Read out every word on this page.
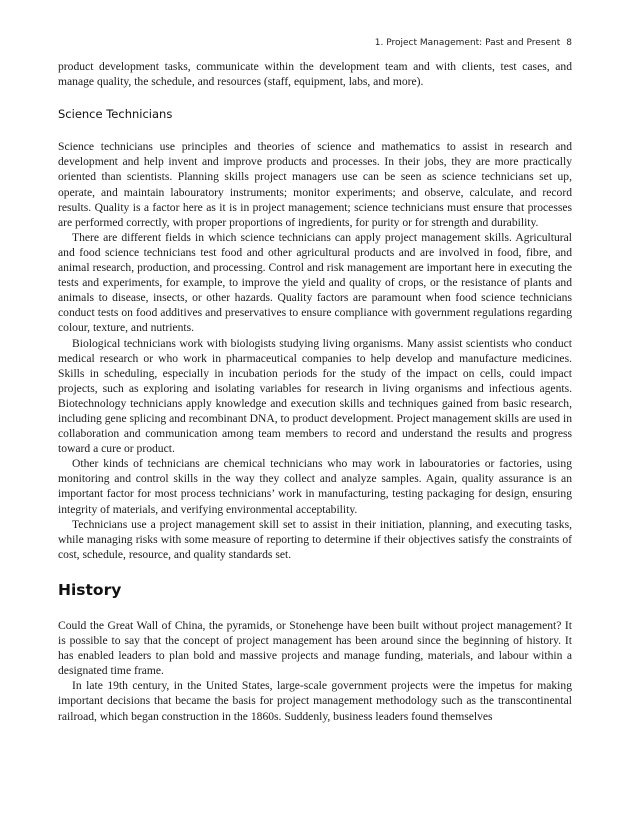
1. Project Management: Past and Present 8

product development tasks, communicate within the development team and with clients, test cases, and manage quality, the schedule, and resources (staff, equipment, labs, and more).

Science Technicians

Science technicians use principles and theories of science and mathematics to assist in research and development and help invent and improve products and processes. In their jobs, they are more practically oriented than scientists. Planning skills project managers use can be seen as science technicians set up, operate, and maintain labouratory instruments; monitor experiments; and observe, calculate, and record results. Quality is a factor here as it is in project management; science technicians must ensure that processes are performed correctly, with proper proportions of ingredients, for purity or for strength and durability.

There are different fields in which science technicians can apply project management skills. Agricultural and food science technicians test food and other agricultural products and are involved in food, fibre, and animal research, production, and processing. Control and risk management are important here in executing the tests and experiments, for example, to improve the yield and quality of crops, or the resistance of plants and animals to disease, insects, or other hazards. Quality factors are paramount when food science technicians conduct tests on food additives and preservatives to ensure compliance with government regulations regarding colour, texture, and nutrients.

Biological technicians work with biologists studying living organisms. Many assist scientists who conduct medical research or who work in pharmaceutical companies to help develop and manufacture medicines. Skills in scheduling, especially in incubation periods for the study of the impact on cells, could impact projects, such as exploring and isolating variables for research in living organisms and infectious agents. Biotechnology technicians apply knowledge and execution skills and techniques gained from basic research, including gene splicing and recombinant DNA, to product development. Project management skills are used in collaboration and communication among team members to record and understand the results and progress toward a cure or product.

Other kinds of technicians are chemical technicians who may work in labouratories or factories, using monitoring and control skills in the way they collect and analyze samples. Again, quality assurance is an important factor for most process technicians’ work in manufacturing, testing packaging for design, ensuring integrity of materials, and verifying environmental acceptability.

Technicians use a project management skill set to assist in their initiation, planning, and executing tasks, while managing risks with some measure of reporting to determine if their objectives satisfy the constraints of cost, schedule, resource, and quality standards set.

History

Could the Great Wall of China, the pyramids, or Stonehenge have been built without project management? It is possible to say that the concept of project management has been around since the beginning of history. It has enabled leaders to plan bold and massive projects and manage funding, materials, and labour within a designated time frame.

In late 19th century, in the United States, large-scale government projects were the impetus for making important decisions that became the basis for project management methodology such as the transcontinental railroad, which began construction in the 1860s. Suddenly, business leaders found themselves
